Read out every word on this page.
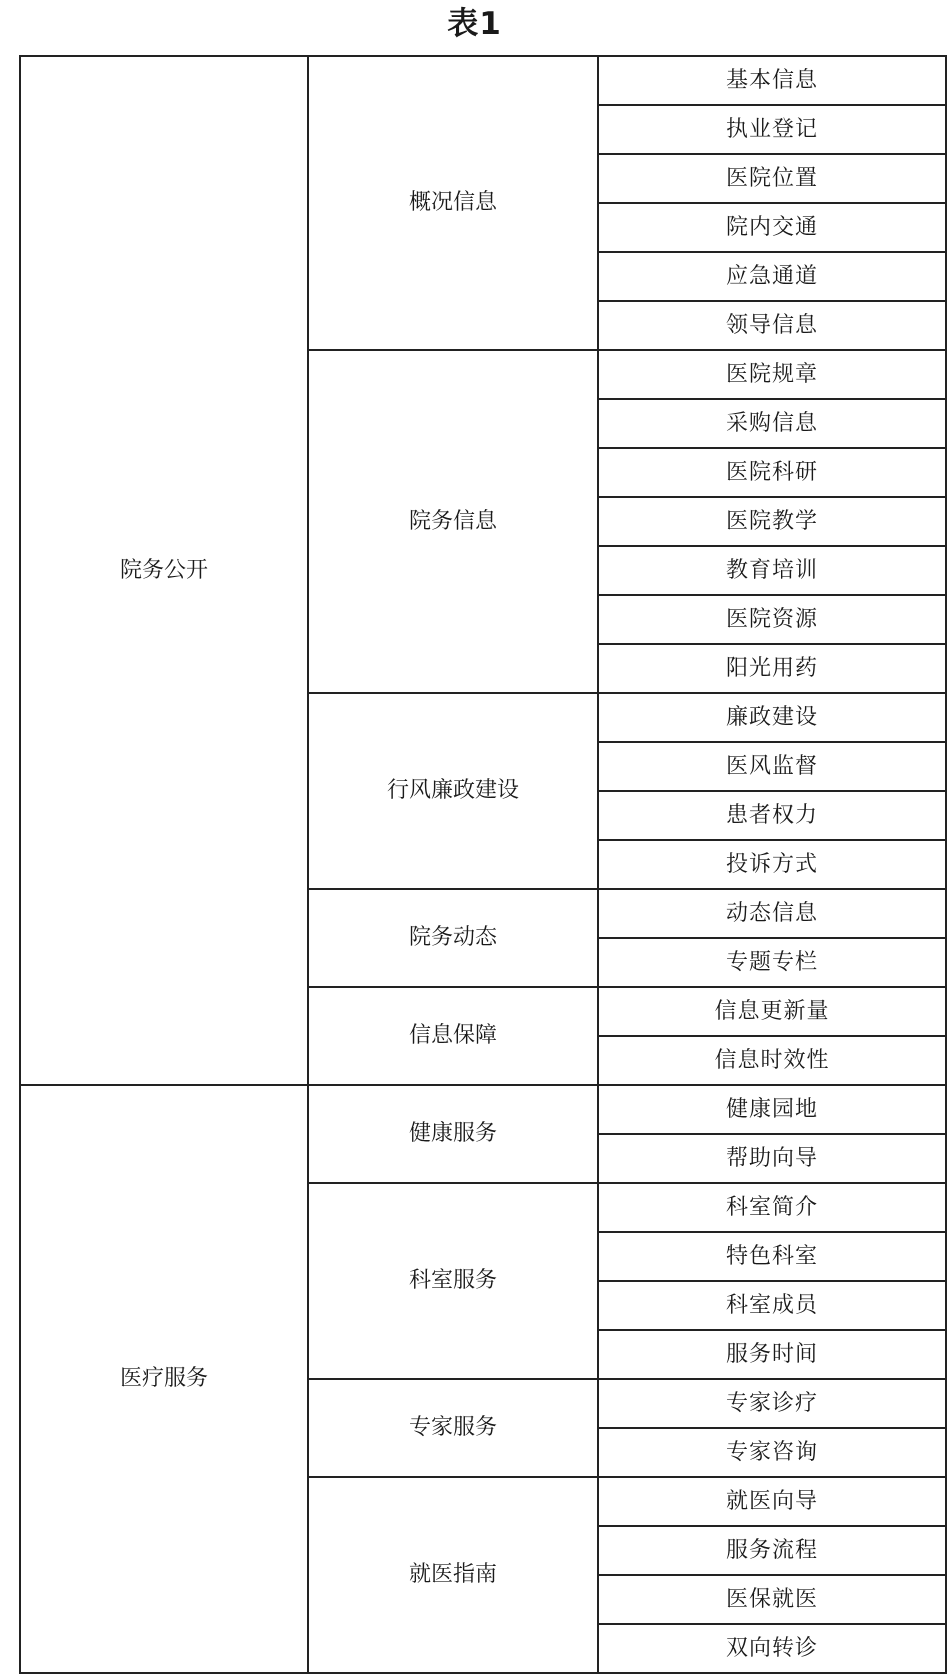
表1
院务公开	概况信息	基本信息
		执业登记
		医院位置
		院内交通
		应急通道
		领导信息
	院务信息	医院规章
		采购信息
		医院科研
		医院教学
		教育培训
		医院资源
		阳光用药
	行风廉政建设	廉政建设
		医风监督
		患者权力
		投诉方式
	院务动态	动态信息
		专题专栏
	信息保障	信息更新量
		信息时效性
医疗服务	健康服务	健康园地
		帮助向导
	科室服务	科室简介
		特色科室
		科室成员
		服务时间
	专家服务	专家诊疗
		专家咨询
	就医指南	就医向导
		服务流程
		医保就医
		双向转诊
